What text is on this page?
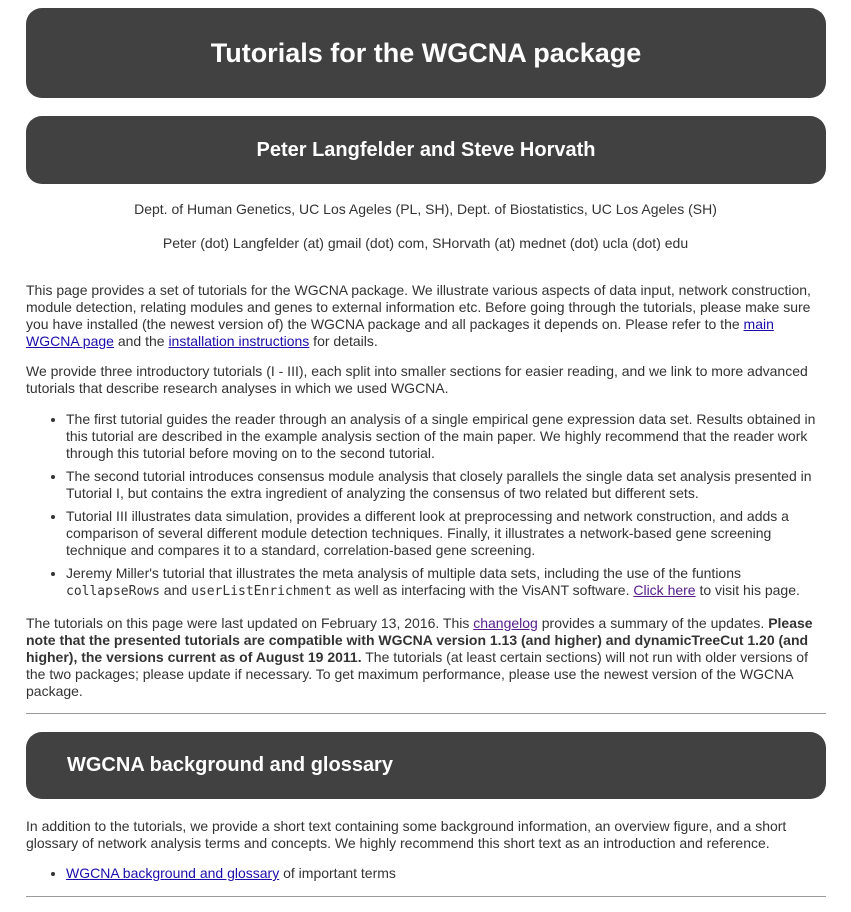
Tutorials for the WGCNA package
Peter Langfelder and Steve Horvath
Dept. of Human Genetics, UC Los Ageles (PL, SH), Dept. of Biostatistics, UC Los Ageles (SH)
Peter (dot) Langfelder (at) gmail (dot) com, SHorvath (at) mednet (dot) ucla (dot) edu

This page provides a set of tutorials for the WGCNA package. We illustrate various aspects of data input, network construction, module detection, relating modules and genes to external information etc. Before going through the tutorials, please make sure you have installed (the newest version of) the WGCNA package and all packages it depends on. Please refer to the main WGCNA page and the installation instructions for details.

We provide three introductory tutorials (I - III), each split into smaller sections for easier reading, and we link to more advanced tutorials that describe research analyses in which we used WGCNA.

• The first tutorial guides the reader through an analysis of a single empirical gene expression data set. Results obtained in this tutorial are described in the example analysis section of the main paper. We highly recommend that the reader work through this tutorial before moving on to the second tutorial.
• The second tutorial introduces consensus module analysis that closely parallels the single data set analysis presented in Tutorial I, but contains the extra ingredient of analyzing the consensus of two related but different sets.
• Tutorial III illustrates data simulation, provides a different look at preprocessing and network construction, and adds a comparison of several different module detection techniques. Finally, it illustrates a network-based gene screening technique and compares it to a standard, correlation-based gene screening.
• Jeremy Miller's tutorial that illustrates the meta analysis of multiple data sets, including the use of the funtions collapseRows and userListEnrichment as well as interfacing with the VisANT software. Click here to visit his page.

The tutorials on this page were last updated on February 13, 2016. This changelog provides a summary of the updates. Please note that the presented tutorials are compatible with WGCNA version 1.13 (and higher) and dynamicTreeCut 1.20 (and higher), the versions current as of August 19 2011. The tutorials (at least certain sections) will not run with older versions of the two packages; please update if necessary. To get maximum performance, please use the newest version of the WGCNA package.

WGCNA background and glossary

In addition to the tutorials, we provide a short text containing some background information, an overview figure, and a short glossary of network analysis terms and concepts. We highly recommend this short text as an introduction and reference.

• WGCNA background and glossary of important terms
